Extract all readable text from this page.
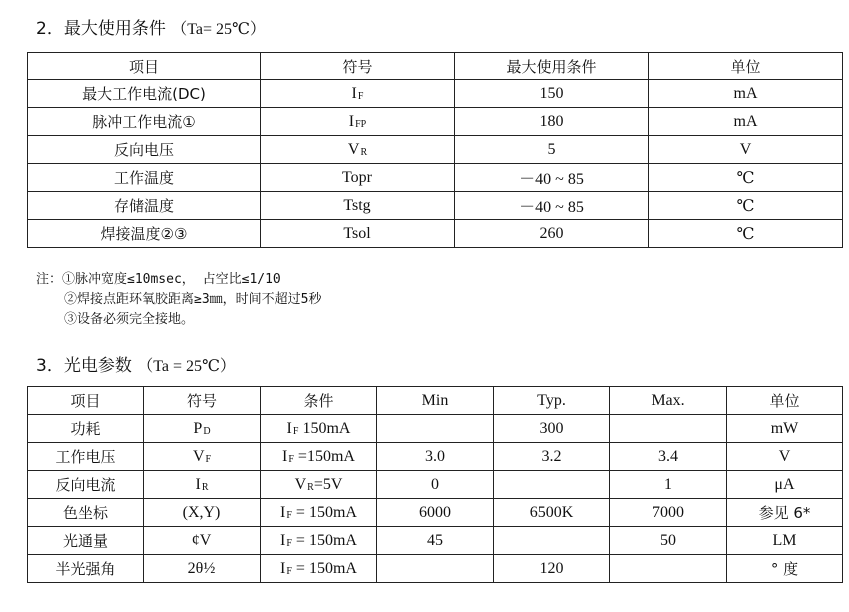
2．最大使用条件 （Ta= 25℃）
项目	符号	最大使用条件	单位
最大工作电流(DC)	$I_F$	150	mA
脉冲工作电流①	$I_{FP}$	180	mA
反向电压	$V_R$	5	V
工作温度	Topr	－40 ~ 85	℃
存储温度	Tstg	－40 ~ 85	℃
焊接温度②③	Tsol	260	℃
注：①脉冲宽度≤10msec， 占空比≤1/10
②焊接点距环氧胶距离≥3㎜，时间不超过5秒
③设备必须完全接地。
3．光电参数 （Ta = 25℃）
项目	符号	条件	Min	Typ.	Max.	单位
功耗	$P_D$	$I_F$ 150mA		300		mW
工作电压	$V_F$	$I_F =150mA$	3.0	3.2	3.4	V
反向电流	$I_R$	$V_R=5V$	0		1	μA
色坐标	(X,Y)	$I_F = 150mA$	6000	6500K	7000	参见 6*
光通量	¢V	$I_F = 150mA$	45		50	LM
半光强角	2θ½	$I_F = 150mA$		120		° 度
